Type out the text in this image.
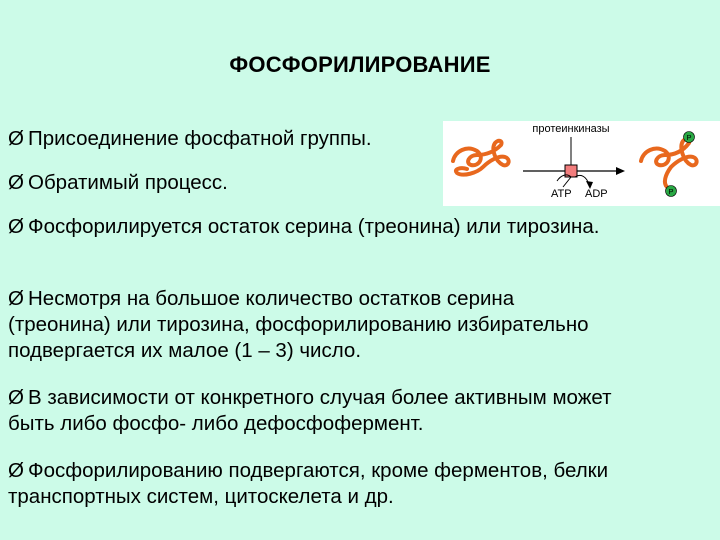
ФОСФОРИЛИРОВАНИЕ
Ø Присоединение фосфатной группы.
Ø Обратимый процесс.
Ø Фосфорилируется остаток серина (треонина) или тирозина.
Ø Несмотря на большое количество остатков серина (треонина) или тирозина, фосфорилированию избирательно подвергается их малое (1 – 3) число.
Ø В зависимости от конкретного случая более активным может быть либо фосфо- либо дефосфофермент.
Ø Фосфорилированию подвергаются, кроме ферментов, белки транспортных систем, цитоскелета и др.
протеинкиназы
ATP ADP
P
P
